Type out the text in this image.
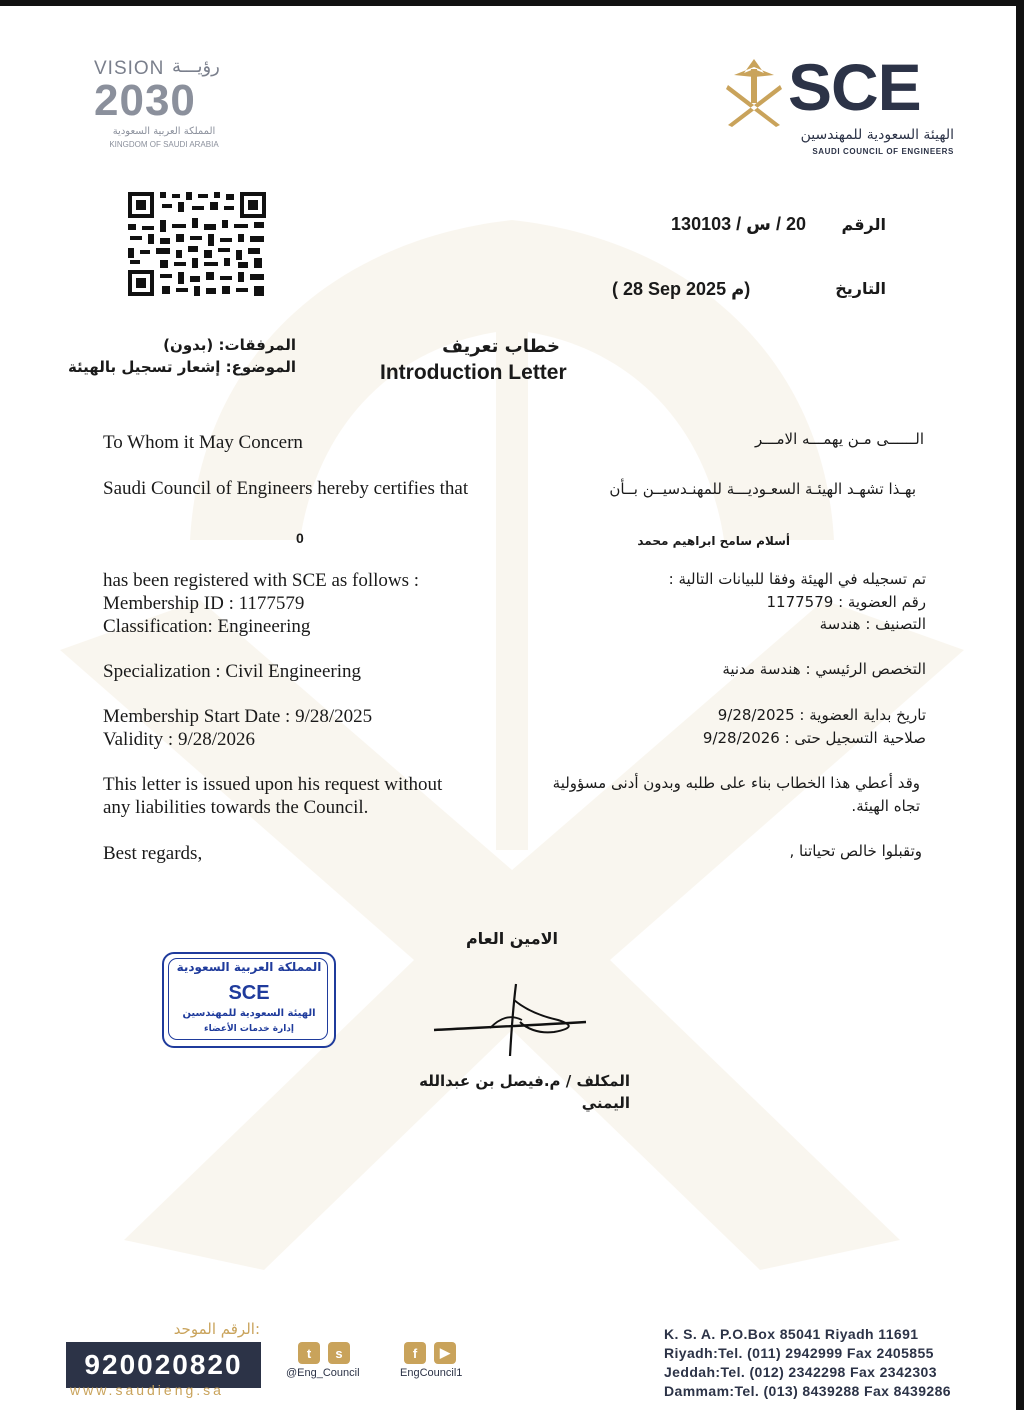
VISION رؤيـــة
2030
المملكة العربية السعودية
KINGDOM OF SAUDI ARABIA
SCE
الهيئة السعودية للمهندسين
SAUDI COUNCIL OF ENGINEERS
الرقم
20 / س / 130103
التاريخ
( 28 Sep 2025 م)
المرفقات: (بدون)
الموضوع: إشعار تسجيل بالهيئة
خطاب تعريف
Introduction Letter
To Whom it May Concern
Saudi Council of Engineers hereby certifies that
0
has been registered with SCE as follows :
Membership ID : 1177579
Classification: Engineering
Specialization : Civil Engineering
Membership Start Date : 9/28/2025
Validity : 9/28/2026
This letter is issued upon his request without
any liabilities towards the Council.
Best regards,
الــــــى مـن يهمـــه الامـــر
بهـذا تشهـد الهيئـة السعـوديـــة للمهنـدسيــن بــأن
أسلام سامح ابراهيم محمد
تم تسجيله في الهيئة وفقا للبيانات التالية :
رقم العضوية : 1177579
التصنيف : هندسة
التخصص الرئيسي : هندسة مدنية
تاريخ بداية العضوية : 9/28/2025
صلاحية التسجيل حتى : 9/28/2026
وقد أعطي هذا الخطاب بناء على طلبه وبدون أدنى مسؤولية
تجاه الهيئة.
وتقبلوا خالص تحياتنا ,
الامين العام
المكلف / م.فيصل بن عبدالله اليمني
المملكة العربية السعودية
SCE
الهيئة السعودية للمهندسين
إدارة خدمات الأعضاء
الرقم الموحد:
920020820
www.saudieng.sa
t	s
@Eng_Council
f	▶
EngCouncil1
K. S. A. P.O.Box 85041 Riyadh 11691
Riyadh:Tel. (011) 2942999 Fax 2405855
Jeddah:Tel. (012) 2342298 Fax 2342303
Dammam:Tel. (013) 8439288 Fax 8439286
